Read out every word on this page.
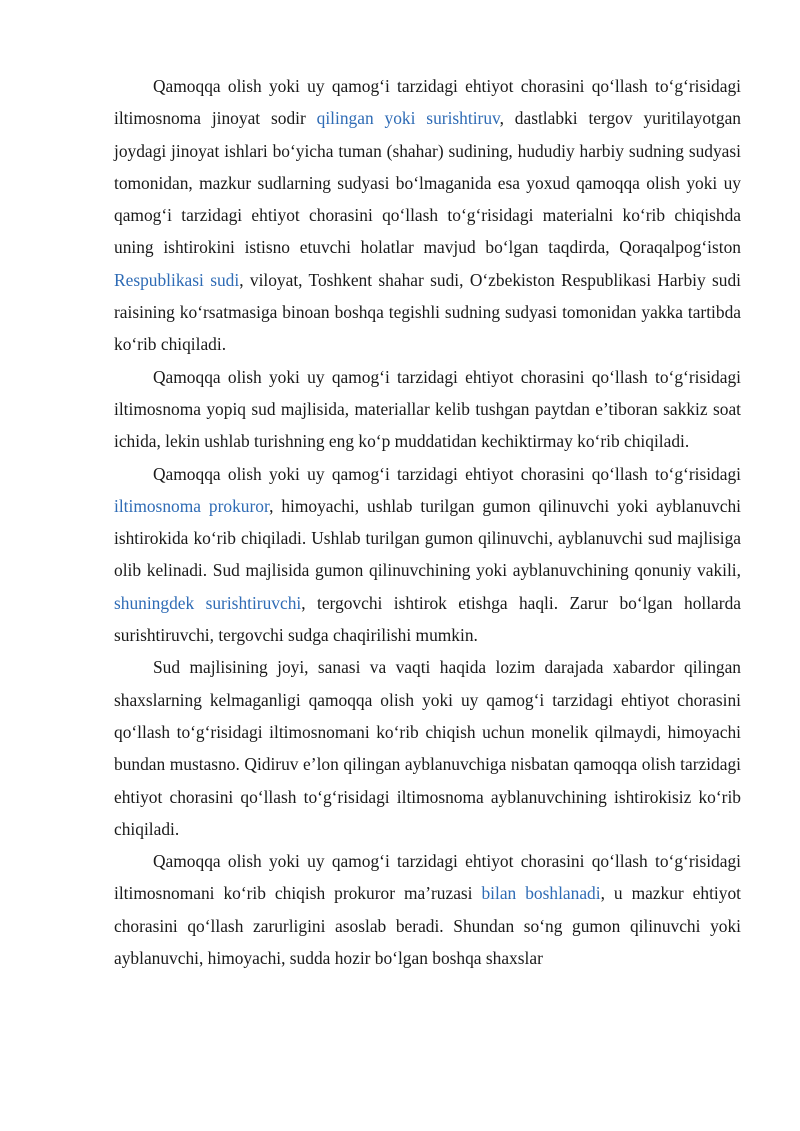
Qamoqqa olish yoki uy qamog‘i tarzidagi ehtiyot chorasini qo‘llash to‘g‘risidagi iltimosnoma jinoyat sodir qilingan yoki surishtiruv, dastlabki tergov yuritilayotgan joydagi jinoyat ishlari bo‘yicha tuman (shahar) sudining, hududiy harbiy sudning sudyasi tomonidan, mazkur sudlarning sudyasi bo‘lmaganida esa yoxud qamoqqa olish yoki uy qamog‘i tarzidagi ehtiyot chorasini qo‘llash to‘g‘risidagi materialni ko‘rib chiqishda uning ishtirokini istisno etuvchi holatlar mavjud bo‘lgan taqdirda, Qoraqalpog‘iston Respublikasi sudi, viloyat, Toshkent shahar sudi, O‘zbekiston Respublikasi Harbiy sudi raisining ko‘rsatmasiga binoan boshqa tegishli sudning sudyasi tomonidan yakka tartibda ko‘rib chiqiladi.

Qamoqqa olish yoki uy qamog‘i tarzidagi ehtiyot chorasini qo‘llash to‘g‘risidagi iltimosnoma yopiq sud majlisida, materiallar kelib tushgan paytdan e’tiboran sakkiz soat ichida, lekin ushlab turishning eng ko‘p muddatidan kechiktirmay ko‘rib chiqiladi.

Qamoqqa olish yoki uy qamog‘i tarzidagi ehtiyot chorasini qo‘llash to‘g‘risidagi iltimosnoma prokuror, himoyachi, ushlab turilgan gumon qilinuvchi yoki ayblanuvchi ishtirokida ko‘rib chiqiladi. Ushlab turilgan gumon qilinuvchi, ayblanuvchi sud majlisiga olib kelinadi. Sud majlisida gumon qilinuvchining yoki ayblanuvchining qonuniy vakili, shuningdek surishtiruvchi, tergovchi ishtirok etishga haqli. Zarur bo‘lgan hollarda surishtiruvchi, tergovchi sudga chaqirilishi mumkin.

Sud majlisining joyi, sanasi va vaqti haqida lozim darajada xabardor qilingan shaxslarning kelmaganligi qamoqqa olish yoki uy qamog‘i tarzidagi ehtiyot chorasini qo‘llash to‘g‘risidagi iltimosnomani ko‘rib chiqish uchun monelik qilmaydi, himoyachi bundan mustasno. Qidiruv e’lon qilingan ayblanuvchiga nisbatan qamoqqa olish tarzidagi ehtiyot chorasini qo‘llash to‘g‘risidagi iltimosnoma ayblanuvchining ishtirokisiz ko‘rib chiqiladi.

Qamoqqa olish yoki uy qamog‘i tarzidagi ehtiyot chorasini qo‘llash to‘g‘risidagi iltimosnomani ko‘rib chiqish prokuror ma’ruzasi bilan boshlanadi, u mazkur ehtiyot chorasini qo‘llash zarurligini asoslab beradi. Shundan so‘ng gumon qilinuvchi yoki ayblanuvchi, himoyachi, sudda hozir bo‘lgan boshqa shaxslar
